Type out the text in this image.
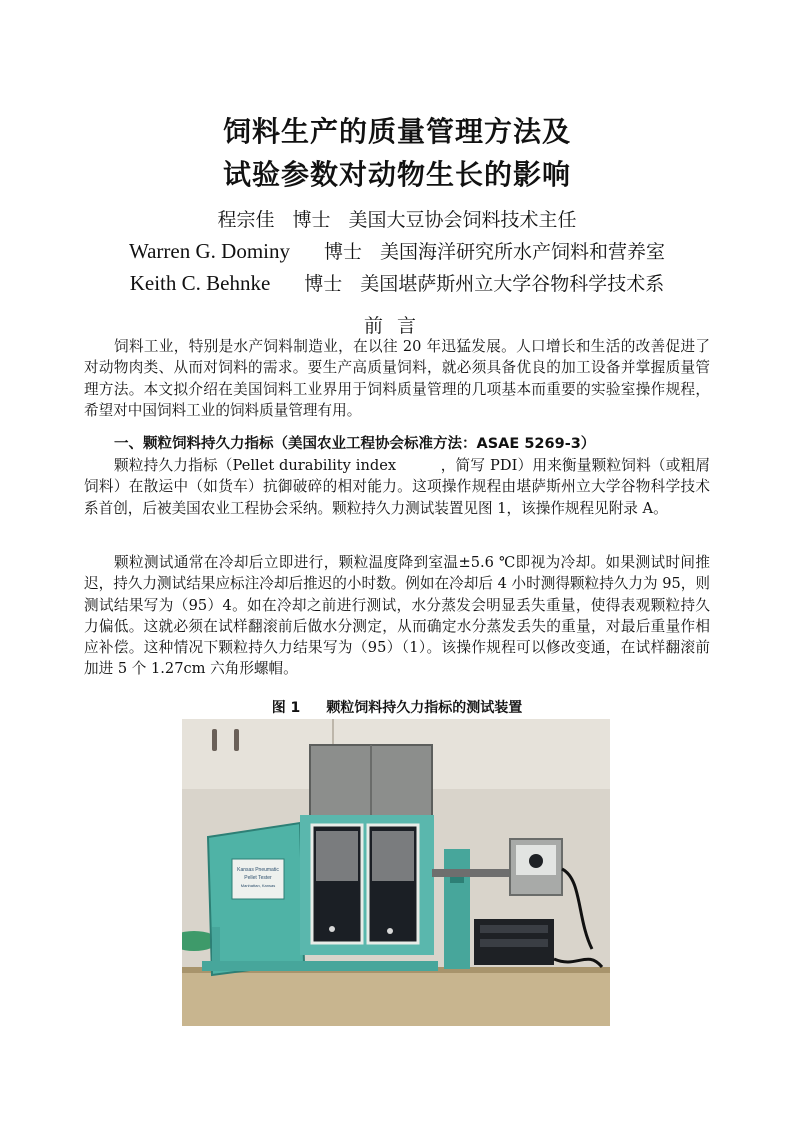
饲料生产的质量管理方法及
试验参数对动物生长的影响
程宗佳 博士 美国大豆协会饲料技术主任
Warren G. Dominy 博士 美国海洋研究所水产饲料和营养室
Keith C. Behnke 博士 美国堪萨斯州立大学谷物科学技术系
前言

饲料工业，特别是水产饲料制造业，在以往 20 年迅猛发展。人口增长和生活的改善促进了对动物肉类、从而对饲料的需求。要生产高质量饲料，就必须具备优良的加工设备并掌握质量管理方法。本文拟介绍在美国饲料工业界用于饲料质量管理的几项基本而重要的实验室操作规程，希望对中国饲料工业的饲料质量管理有用。

一、颗粒饲料持久力指标（美国农业工程协会标准方法：ASAE 5269-3）

颗粒持久力指标（Pellet durability index　　　，简写 PDI）用来衡量颗粒饲料（或粗屑饲料）在散运中（如货车）抗御破碎的相对能力。这项操作规程由堪萨斯州立大学谷物科学技术系首创，后被美国农业工程协会采纳。颗粒持久力测试装置见图 1，该操作规程见附录 A。

颗粒测试通常在冷却后立即进行，颗粒温度降到室温±5.6 ℃即视为冷却。如果测试时间推迟，持久力测试结果应标注冷却后推迟的小时数。例如在冷却后 4 小时测得颗粒持久力为 95，则测试结果写为（95）4。如在冷却之前进行测试，水分蒸发会明显丢失重量，使得表观颗粒持久力偏低。这就必须在试样翻滚前后做水分测定，从而确定水分蒸发丢失的重量，对最后重量作相应补偿。这种情况下颗粒持久力结果写为（95）（1）。该操作规程可以修改变通，在试样翻滚前加进 5 个 1.27cm 六角形螺帽。

图 1 颗粒饲料持久力指标的测试装置
Kansas Pneumatic
Pellet Tester
Manhattan, Kansas
